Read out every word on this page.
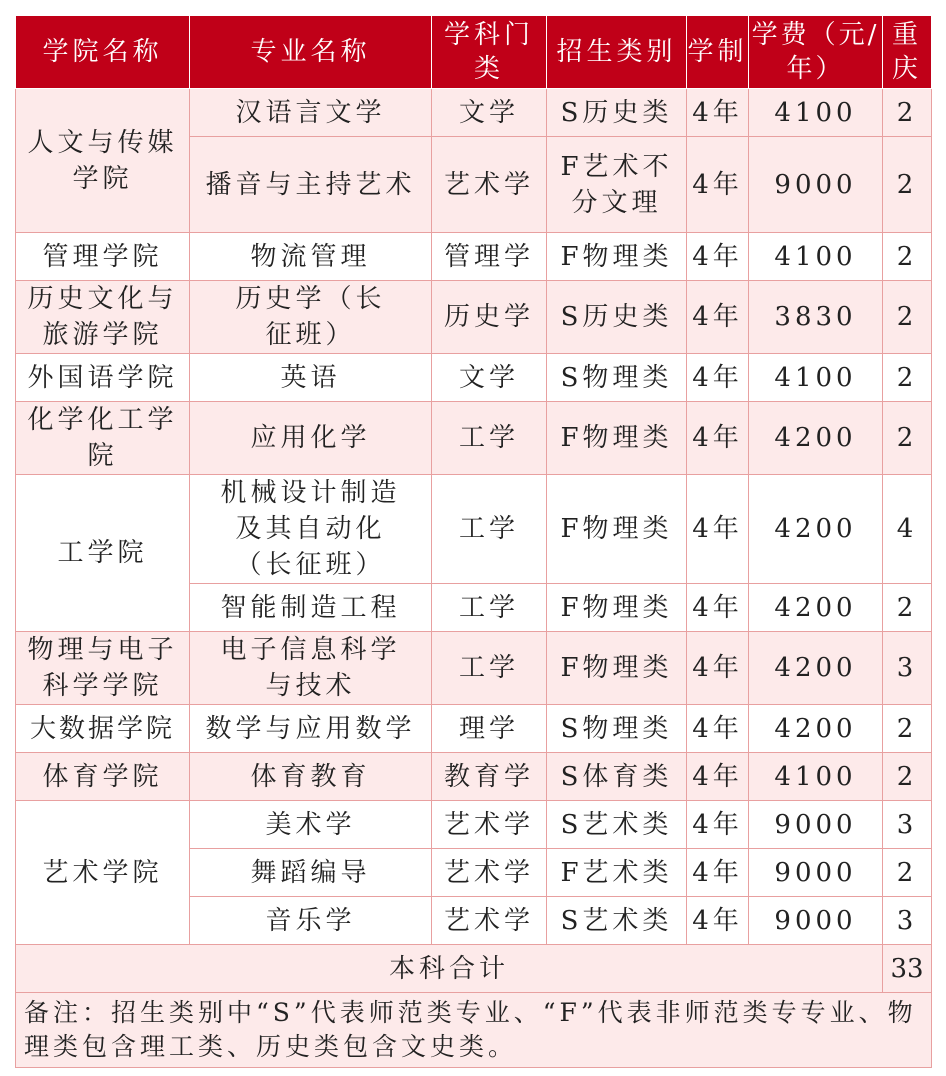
学院名称	专业名称	学科门类	招生类别	学制	学费（元/年）	重庆
人文与传媒学院	汉语言文学	文学	S历史类	4年	4100	2
	播音与主持艺术	艺术学	F艺术不分文理	4年	9000	2
管理学院	物流管理	管理学	F物理类	4年	4100	2
历史文化与旅游学院	历史学（长征班）	历史学	S历史类	4年	3830	2
外国语学院	英语	文学	S物理类	4年	4100	2
化学化工学院	应用化学	工学	F物理类	4年	4200	2
工学院	机械设计制造及其自动化（长征班）	工学	F物理类	4年	4200	4
	智能制造工程	工学	F物理类	4年	4200	2
物理与电子科学学院	电子信息科学与技术	工学	F物理类	4年	4200	3
大数据学院	数学与应用数学	理学	S物理类	4年	4200	2
体育学院	体育教育	教育学	S体育类	4年	4100	2
艺术学院	美术学	艺术学	S艺术类	4年	9000	3
	舞蹈编导	艺术学	F艺术类	4年	9000	2
	音乐学	艺术学	S艺术类	4年	9000	3
本科合计						33
备注：招生类别中“S”代表师范类专业、“F”代表非师范类专专业、物理类包含理工类、历史类包含文史类。						
